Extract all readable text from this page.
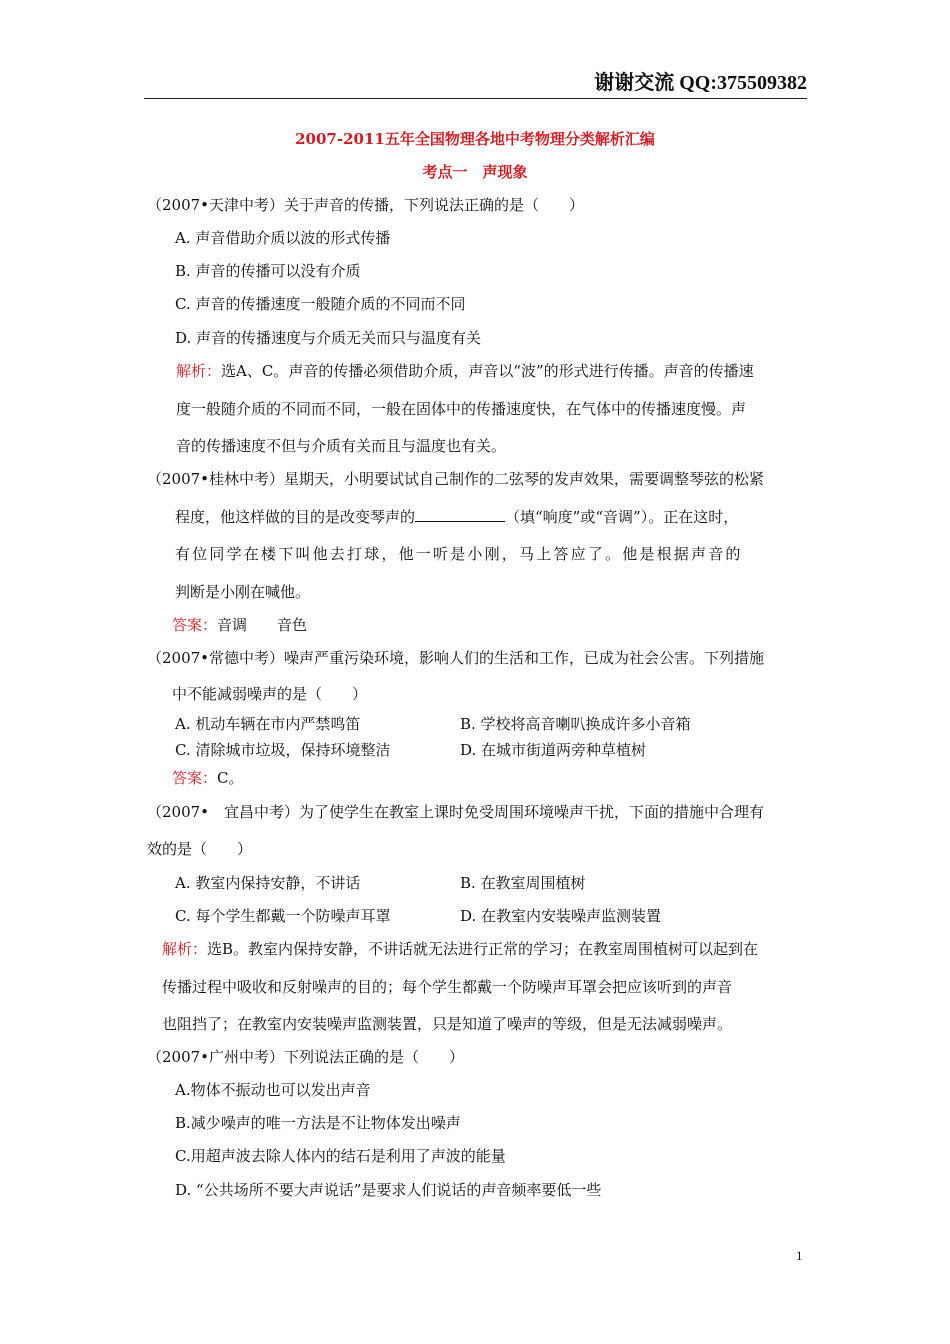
谢谢交流 QQ:375509382
2007-2011五年全国物理各地中考物理分类解析汇编
考点一　声现象
（2007•天津中考）关于声音的传播，下列说法正确的是（　　）
A. 声音借助介质以波的形式传播
B. 声音的传播可以没有介质
C. 声音的传播速度一般随介质的不同而不同
D. 声音的传播速度与介质无关而只与温度有关
解析：选A、C。声音的传播必须借助介质，声音以“波”的形式进行传播。声音的传播速
度一般随介质的不同而不同，一般在固体中的传播速度快，在气体中的传播速度慢。声
音的传播速度不但与介质有关而且与温度也有关。
（2007•桂林中考）星期天，小明要试试自己制作的二弦琴的发声效果，需要调整琴弦的松紧
程度，他这样做的目的是改变琴声的	（填“响度”或“音调”）。正在这时，
有位同学在楼下叫他去打球，他一听是小刚，马上答应了。他是根据声音的
判断是小刚在喊他。
答案：音调　　音色
（2007•常德中考）噪声严重污染环境，影响人们的生活和工作，已成为社会公害。下列措施
中不能减弱噪声的是（　　）
A. 机动车辆在市内严禁鸣笛	B. 学校将高音喇叭换成许多小音箱
C. 清除城市垃圾，保持环境整洁	D. 在城市街道两旁种草植树
答案：C。
（2007•　宜昌中考）为了使学生在教室上课时免受周围环境噪声干扰，下面的措施中合理有
效的是（　　）
A. 教室内保持安静，不讲话	B. 在教室周围植树
C. 每个学生都戴一个防噪声耳罩	D. 在教室内安装噪声监测装置
解析：选B。教室内保持安静，不讲话就无法进行正常的学习；在教室周围植树可以起到在
传播过程中吸收和反射噪声的目的；每个学生都戴一个防噪声耳罩会把应该听到的声音
也阻挡了；在教室内安装噪声监测装置，只是知道了噪声的等级，但是无法减弱噪声。
（2007•广州中考）下列说法正确的是（　　）
A.物体不振动也可以发出声音
B.减少噪声的唯一方法是不让物体发出噪声
C.用超声波去除人体内的结石是利用了声波的能量
D. “公共场所不要大声说话”是要求人们说话的声音频率要低一些
1
